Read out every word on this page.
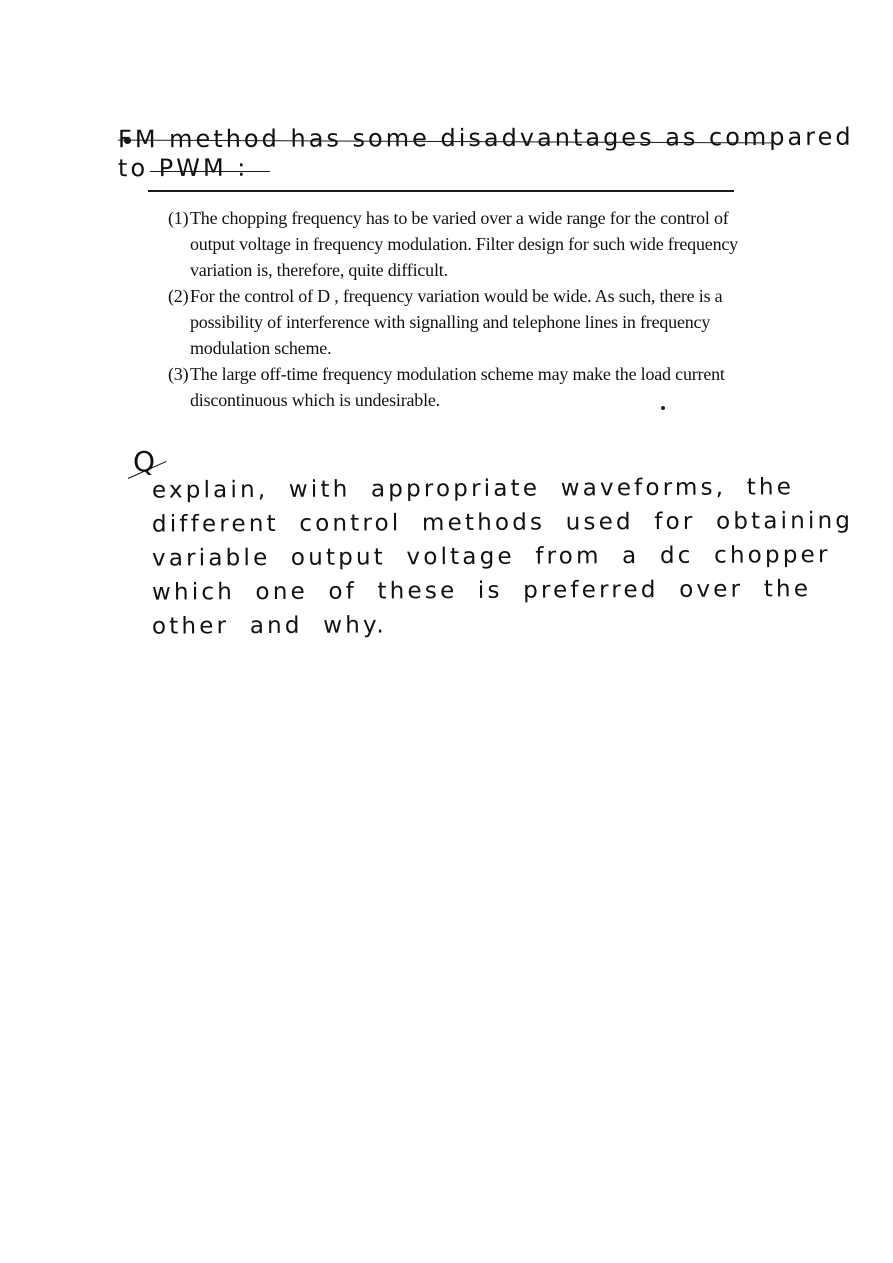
FM method has some disadvantages as compared
to PWM :
(1) The chopping frequency has to be varied over a wide range for the control of output voltage in frequency modulation. Filter design for such wide frequency variation is, therefore, quite difficult.
(2) For the control of D , frequency variation would be wide. As such, there is a possibility of interference with signalling and telephone lines in frequency modulation scheme.
(3) The large off-time frequency modulation scheme may make the load current discontinuous which is undesirable.
Q
explain, with appropriate waveforms, the
different control methods used for obtaining
variable output voltage from a dc chopper
which one of these is preferred over the
other and why.
